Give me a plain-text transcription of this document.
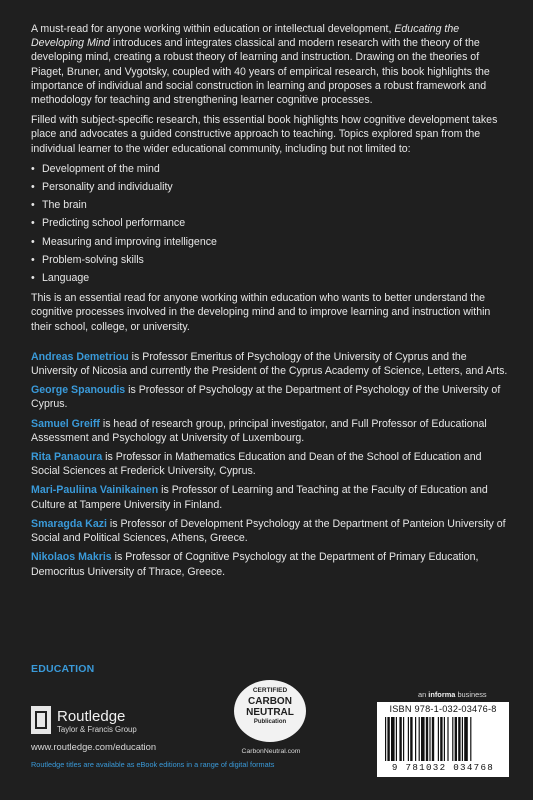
A must-read for anyone working within education or intellectual development, Educating the Developing Mind introduces and integrates classical and modern research with the theory of the developing mind, creating a robust theory of learning and instruction. Drawing on the theories of Piaget, Bruner, and Vygotsky, coupled with 40 years of empirical research, this book highlights the importance of individual and social construction in learning and proposes a robust framework and methodology for teaching and strengthening learner cognitive processes.

Filled with subject-specific research, this essential book highlights how cognitive development takes place and advocates a guided constructive approach to teaching. Topics explored span from the individual learner to the wider educational community, including but not limited to:

• Development of the mind
• Personality and individuality
• The brain
• Predicting school performance
• Measuring and improving intelligence
• Problem-solving skills
• Language

This is an essential read for anyone working within education who wants to better understand the cognitive processes involved in the developing mind and to improve learning and instruction within their school, college, or university.

Andreas Demetriou is Professor Emeritus of Psychology of the University of Cyprus and the University of Nicosia and currently the President of the Cyprus Academy of Science, Letters, and Arts.

George Spanoudis is Professor of Psychology at the Department of Psychology of the University of Cyprus.

Samuel Greiff is head of research group, principal investigator, and Full Professor of Educational Assessment and Psychology at University of Luxembourg.

Rita Panaoura is Professor in Mathematics Education and Dean of the School of Education and Social Sciences at Frederick University, Cyprus.

Mari-Pauliina Vainikainen is Professor of Learning and Teaching at the Faculty of Education and Culture at Tampere University in Finland.

Smaragda Kazi is Professor of Development Psychology at the Department of Panteion University of Social and Political Sciences, Athens, Greece.

Nikolaos Makris is Professor of Cognitive Psychology at the Department of Primary Education, Democritus University of Thrace, Greece.

EDUCATION
Routledge
Taylor & Francis Group
www.routledge.com/education
Routledge titles are available as eBook editions in a range of digital formats
CERTIFIED
CARBON NEUTRAL
Publication
CarbonNeutral.com
an informa business
ISBN 978-1-032-03476-8
9 781032 034768
